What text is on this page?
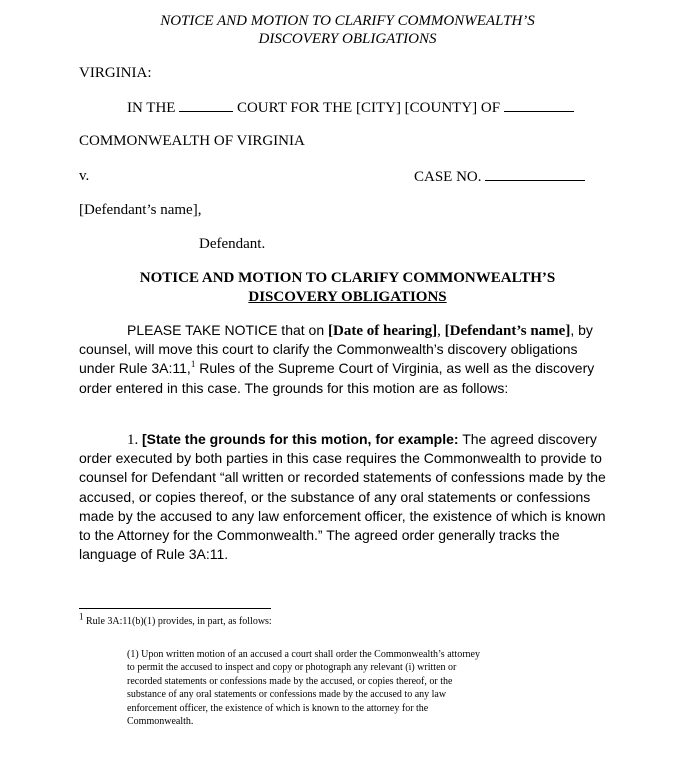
NOTICE AND MOTION TO CLARIFY COMMONWEALTH’S
DISCOVERY OBLIGATIONS
VIRGINIA:
IN THE	COURT FOR THE [CITY] [COUNTY] OF
COMMONWEALTH OF VIRGINIA
v.	CASE NO.
[Defendant’s name],
Defendant.
NOTICE AND MOTION TO CLARIFY COMMONWEALTH’S
DISCOVERY OBLIGATIONS
PLEASE TAKE NOTICE that on [Date of hearing], [Defendant’s name], by counsel, will move this court to clarify the Commonwealth’s discovery obligations under Rule 3A:11,$^1$ Rules of the Supreme Court of Virginia, as well as the discovery order entered in this case. The grounds for this motion are as follows:
1. [State the grounds for this motion, for example: The agreed discovery order executed by both parties in this case requires the Commonwealth to provide to counsel for Defendant “all written or recorded statements of confessions made by the accused, or copies thereof, or the substance of any oral statements or confessions made by the accused to any law enforcement officer, the existence of which is known to the Attorney for the Commonwealth.” The agreed order generally tracks the language of Rule 3A:11.
$^1$ Rule 3A:11(b)(1) provides, in part, as follows:
(1) Upon written motion of an accused a court shall order the Commonwealth’s attorney
to permit the accused to inspect and copy or photograph any relevant (i) written or
recorded statements or confessions made by the accused, or copies thereof, or the
substance of any oral statements or confessions made by the accused to any law
enforcement officer, the existence of which is known to the attorney for the
Commonwealth.
